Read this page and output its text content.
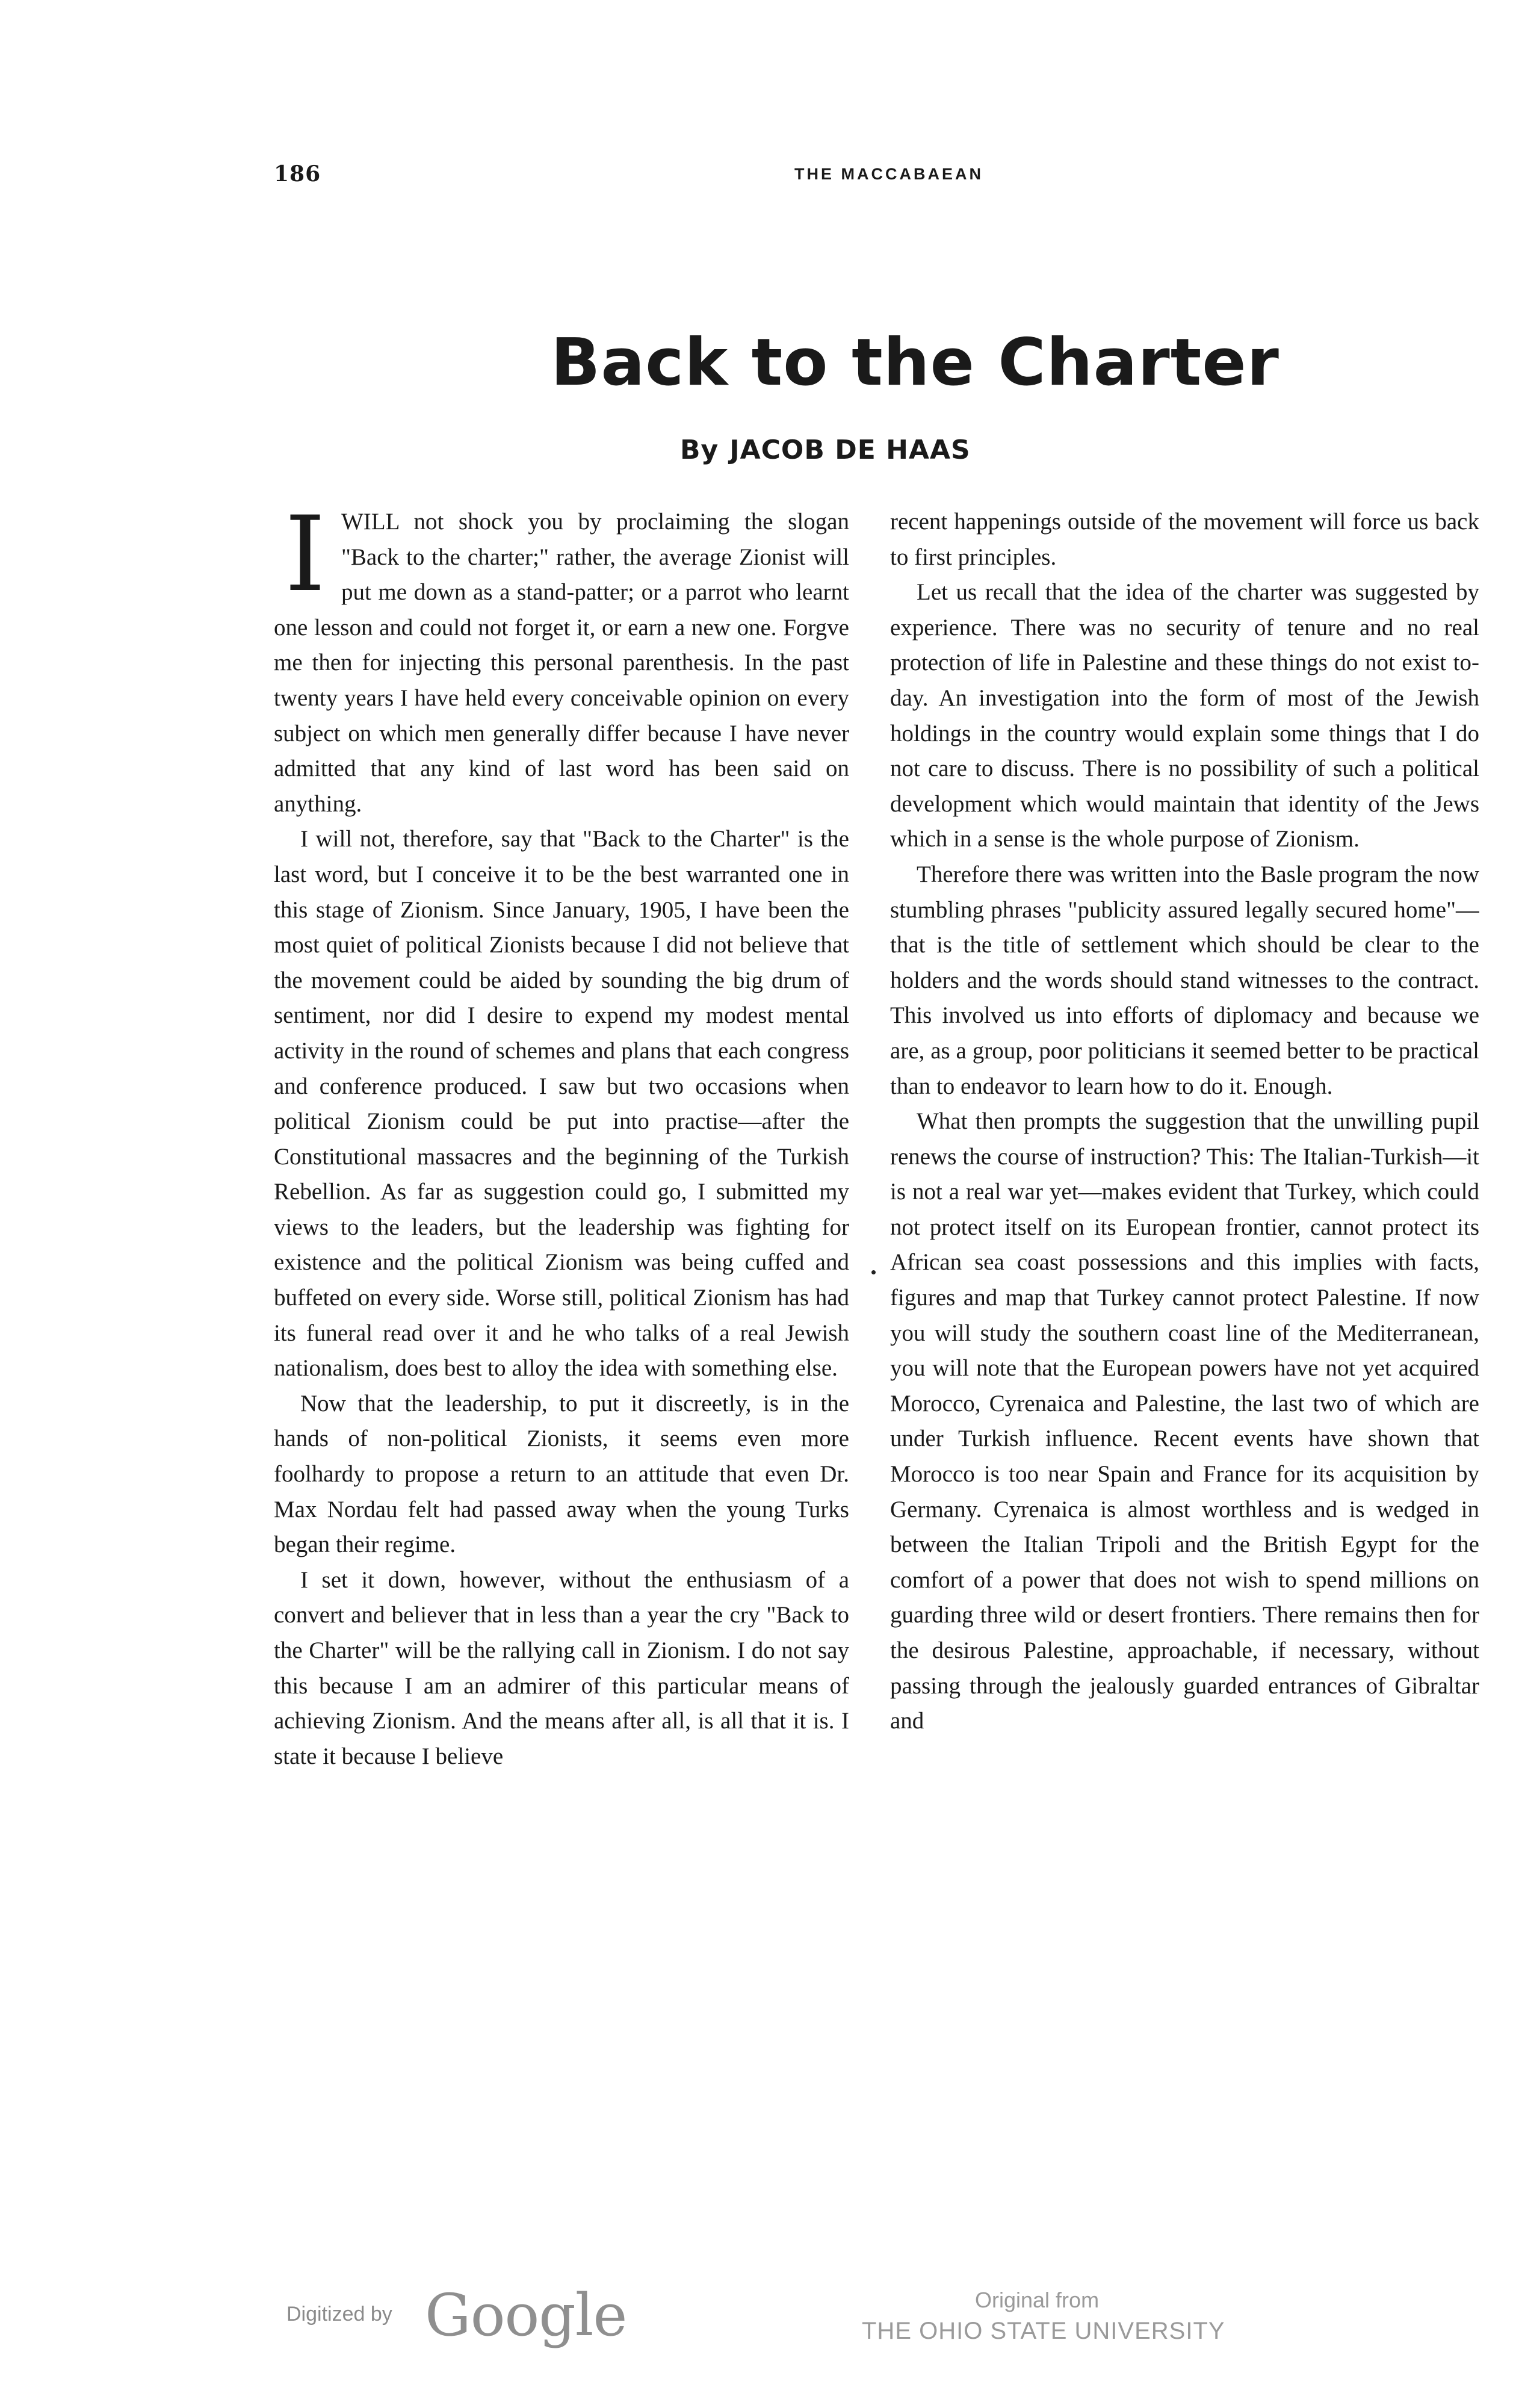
186	THE MACCABAEAN
Back to the Charter
By JACOB DE HAAS

IWILL not shock you by proclaiming the slogan "Back to the charter;" rather, the average Zionist will put me down as a stand-patter; or a parrot who learnt one lesson and could not forget it, or earn a new one. Forgve me then for injecting this personal parenthesis. In the past twenty years I have held every conceivable opinion on every subject on which men generally differ because I have never admitted that any kind of last word has been said on anything.

I will not, therefore, say that "Back to the Charter" is the last word, but I conceive it to be the best warranted one in this stage of Zionism. Since January, 1905, I have been the most quiet of political Zionists because I did not believe that the movement could be aided by sounding the big drum of sentiment, nor did I desire to expend my modest mental activity in the round of schemes and plans that each congress and conference produced. I saw but two occasions when political Zionism could be put into practise—after the Constitutional massacres and the beginning of the Turkish Rebellion. As far as suggestion could go, I submitted my views to the leaders, but the leadership was fighting for existence and the political Zionism was being cuffed and buffeted on every side. Worse still, political Zionism has had its funeral read over it and he who talks of a real Jewish nationalism, does best to alloy the idea with something else.

Now that the leadership, to put it discreetly, is in the hands of non-political Zionists, it seems even more foolhardy to propose a return to an attitude that even Dr. Max Nordau felt had passed away when the young Turks began their regime.

I set it down, however, without the enthusiasm of a convert and believer that in less than a year the cry "Back to the Charter" will be the rallying call in Zionism. I do not say this because I am an admirer of this particular means of achieving Zionism. And the means after all, is all that it is. I state it because I believe

recent happenings outside of the movement will force us back to first principles.

Let us recall that the idea of the charter was suggested by experience. There was no security of tenure and no real protection of life in Palestine and these things do not exist to-day. An investigation into the form of most of the Jewish holdings in the country would explain some things that I do not care to discuss. There is no possibility of such a political development which would maintain that identity of the Jews which in a sense is the whole purpose of Zionism.

Therefore there was written into the Basle program the now stumbling phrases "publicity assured legally secured home"—that is the title of settlement which should be clear to the holders and the words should stand witnesses to the contract. This involved us into efforts of diplomacy and because we are, as a group, poor politicians it seemed better to be practical than to endeavor to learn how to do it. Enough.

What then prompts the suggestion that the unwilling pupil renews the course of instruction? This: The Italian-Turkish—it is not a real war yet—makes evident that Turkey, which could not protect itself on its European frontier, cannot protect its African sea coast possessions and this implies with facts, figures and map that Turkey cannot protect Palestine. If now you will study the southern coast line of the Mediterranean, you will note that the European powers have not yet acquired Morocco, Cyrenaica and Palestine, the last two of which are under Turkish influence. Recent events have shown that Morocco is too near Spain and France for its acquisition by Germany. Cyrenaica is almost worthless and is wedged in between the Italian Tripoli and the British Egypt for the comfort of a power that does not wish to spend millions on guarding three wild or desert frontiers. There remains then for the desirous Palestine, approachable, if necessary, without passing through the jealously guarded entrances of Gibraltar and

Digitized by Google	Original from
THE OHIO STATE UNIVERSITY
